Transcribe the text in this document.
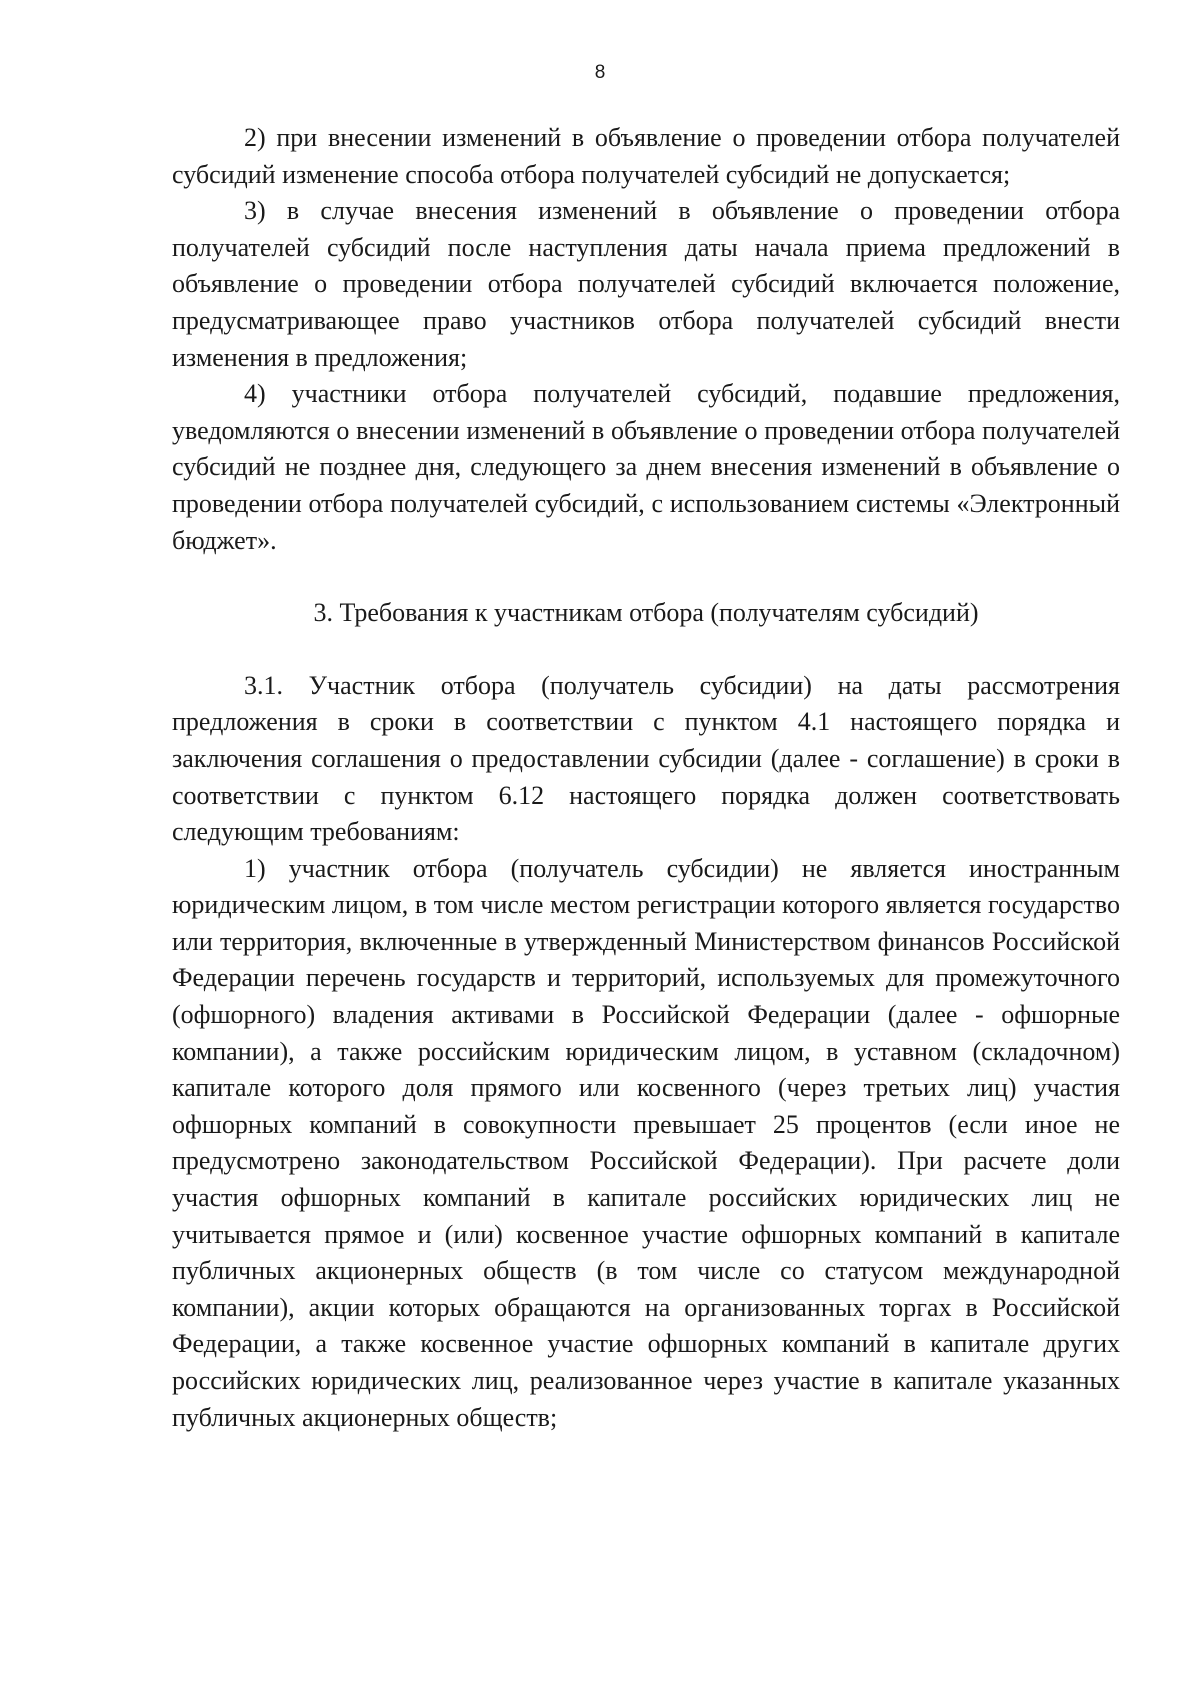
8

2) при внесении изменений в объявление о проведении отбора получателей субсидий изменение способа отбора получателей субсидий не допускается;

3) в случае внесения изменений в объявление о проведении отбора получателей субсидий после наступления даты начала приема предложений в объявление о проведении отбора получателей субсидий включается положение, предусматривающее право участников отбора получателей субсидий внести изменения в предложения;

4) участники отбора получателей субсидий, подавшие предложения, уведомляются о внесении изменений в объявление о проведении отбора получателей субсидий не позднее дня, следующего за днем внесения изменений в объявление о проведении отбора получателей субсидий, с использованием системы «Электронный бюджет».

3. Требования к участникам отбора (получателям субсидий)

3.1. Участник отбора (получатель субсидии) на даты рассмотрения предложения в сроки в соответствии с пунктом 4.1 настоящего порядка и заключения соглашения о предоставлении субсидии (далее - соглашение) в сроки в соответствии с пунктом 6.12 настоящего порядка должен соответствовать следующим требованиям:

1) участник отбора (получатель субсидии) не является иностранным юридическим лицом, в том числе местом регистрации которого является государство или территория, включенные в утвержденный Министерством финансов Российской Федерации перечень государств и территорий, используемых для промежуточного (офшорного) владения активами в Российской Федерации (далее - офшорные компании), а также российским юридическим лицом, в уставном (складочном) капитале которого доля прямого или косвенного (через третьих лиц) участия офшорных компаний в совокупности превышает 25 процентов (если иное не предусмотрено законодательством Российской Федерации). При расчете доли участия офшорных компаний в капитале российских юридических лиц не учитывается прямое и (или) косвенное участие офшорных компаний в капитале публичных акционерных обществ (в том числе со статусом международной компании), акции которых обращаются на организованных торгах в Российской Федерации, а также косвенное участие офшорных компаний в капитале других российских юридических лиц, реализованное через участие в капитале указанных публичных акционерных обществ;
